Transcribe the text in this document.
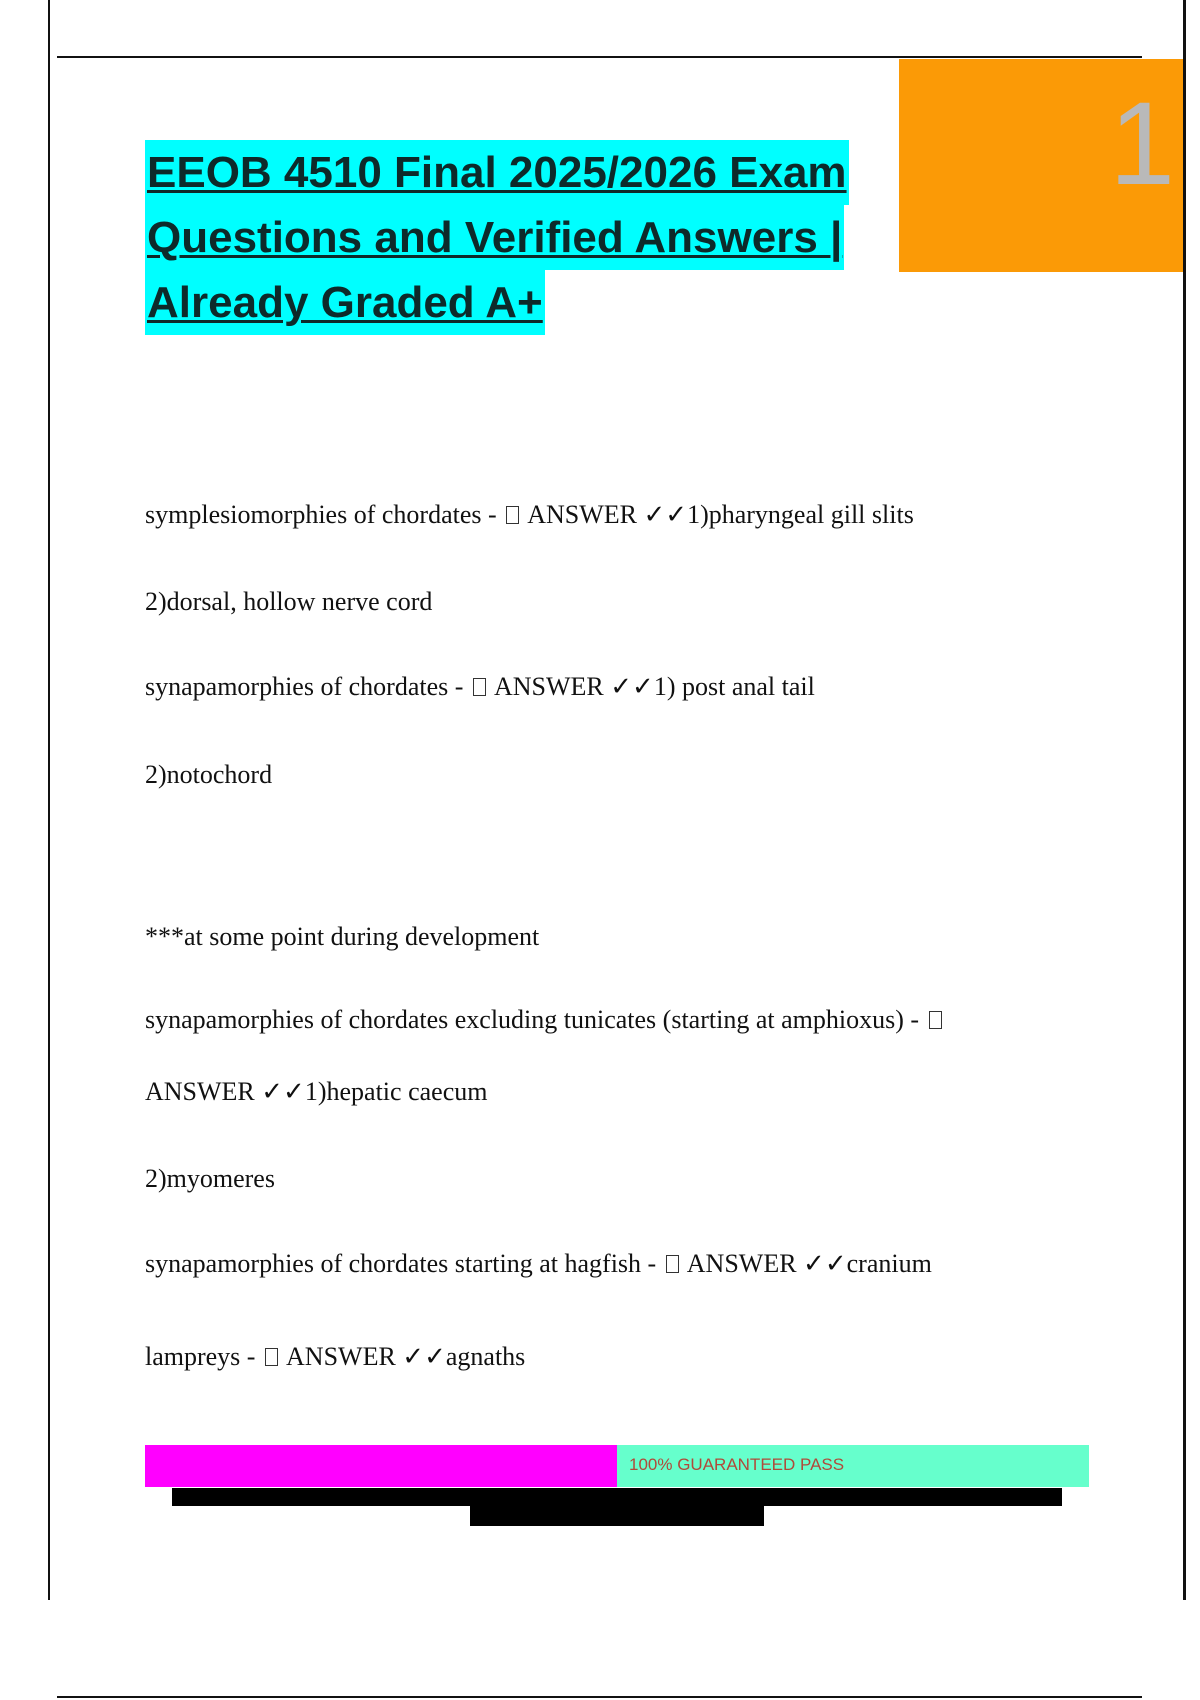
1
EEOB 4510 Final 2025/2026 Exam
Questions and Verified Answers |
Already Graded A+
symplesiomorphies of chordates -  ANSWER ✓✓1)pharyngeal gill slits
2)dorsal, hollow nerve cord
synapamorphies of chordates -  ANSWER ✓✓1) post anal tail
2)notochord
***at some point during development
synapamorphies of chordates excluding tunicates (starting at amphioxus) -
ANSWER ✓✓1)hepatic caecum
2)myomeres
synapamorphies of chordates starting at hagfish -  ANSWER ✓✓cranium
lampreys -  ANSWER ✓✓agnaths
100% GUARANTEED PASS
